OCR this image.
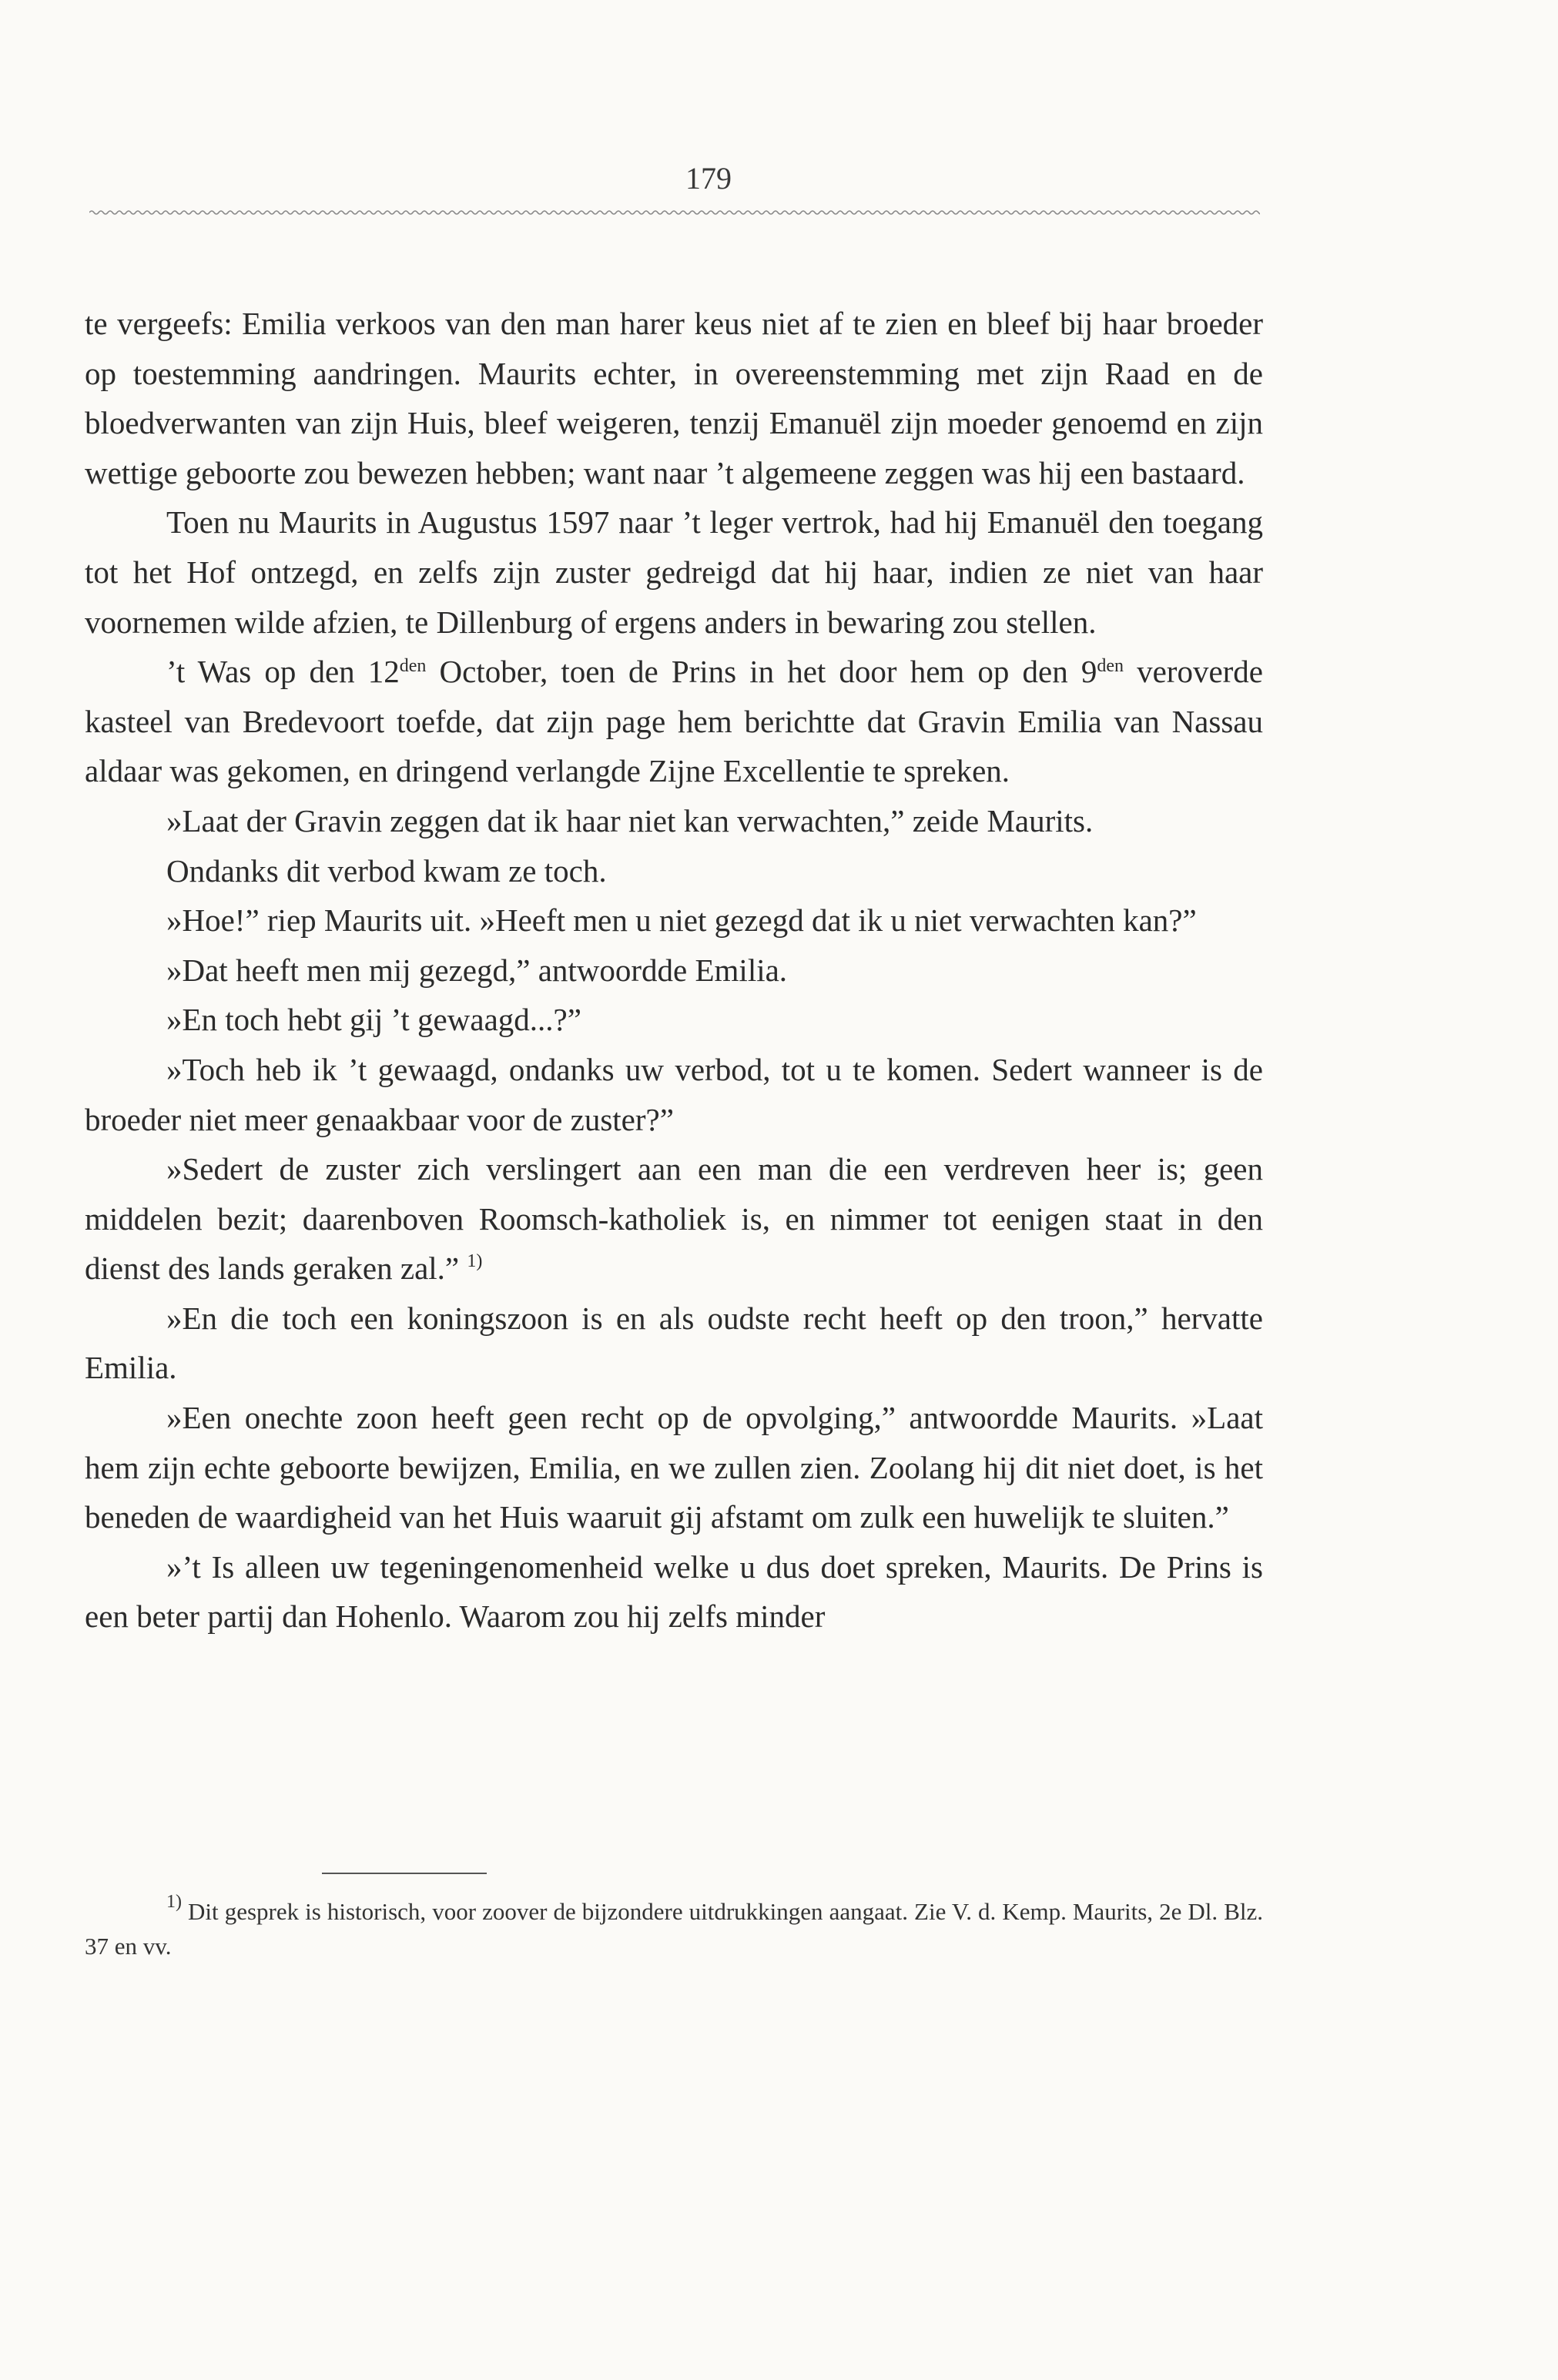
179

te vergeefs: Emilia verkoos van den man harer keus niet af te zien en bleef bij haar broeder op toestemming aandringen. Maurits echter, in overeenstemming met zijn Raad en de bloedverwanten van zijn Huis, bleef weigeren, tenzij Emanuël zijn moeder genoemd en zijn wettige geboorte zou bewezen hebben; want naar ’t algemeene zeggen was hij een bastaard.

Toen nu Maurits in Augustus 1597 naar ’t leger vertrok, had hij Emanuël den toegang tot het Hof ontzegd, en zelfs zijn zuster gedreigd dat hij haar, indien ze niet van haar voornemen wilde afzien, te Dillenburg of ergens anders in bewaring zou stellen.

’t Was op den $12^{den}$ October, toen de Prins in het door hem op den $9^{den}$ veroverde kasteel van Bredevoort toefde, dat zijn page hem berichtte dat Gravin Emilia van Nassau aldaar was gekomen, en dringend verlangde Zijne Excellentie te spreken.

»Laat der Gravin zeggen dat ik haar niet kan verwachten,” zeide Maurits.

Ondanks dit verbod kwam ze toch.

»Hoe!” riep Maurits uit. »Heeft men u niet gezegd dat ik u niet verwachten kan?”

»Dat heeft men mij gezegd,” antwoordde Emilia.

»En toch hebt gij ’t gewaagd...?”

»Toch heb ik ’t gewaagd, ondanks uw verbod, tot u te komen. Sedert wanneer is de broeder niet meer genaakbaar voor de zuster?”

»Sedert de zuster zich verslingert aan een man die een verdreven heer is; geen middelen bezit; daarenboven Roomsch-katholiek is, en nimmer tot eenigen staat in den dienst des lands geraken zal.” $^{1)}$

»En die toch een koningszoon is en als oudste recht heeft op den troon,” hervatte Emilia.

»Een onechte zoon heeft geen recht op de opvolging,” antwoordde Maurits. »Laat hem zijn echte geboorte bewijzen, Emilia, en we zullen zien. Zoolang hij dit niet doet, is het beneden de waardigheid van het Huis waaruit gij afstamt om zulk een huwelijk te sluiten.”

»’t Is alleen uw tegeningenomenheid welke u dus doet spreken, Maurits. De Prins is een beter partij dan Hohenlo. Waarom zou hij zelfs minder

$^{1)}$ Dit gesprek is historisch, voor zoover de bijzondere uitdrukkingen aangaat. Zie V. d. Kemp. Maurits, 2e Dl. Blz. 37 en vv.
